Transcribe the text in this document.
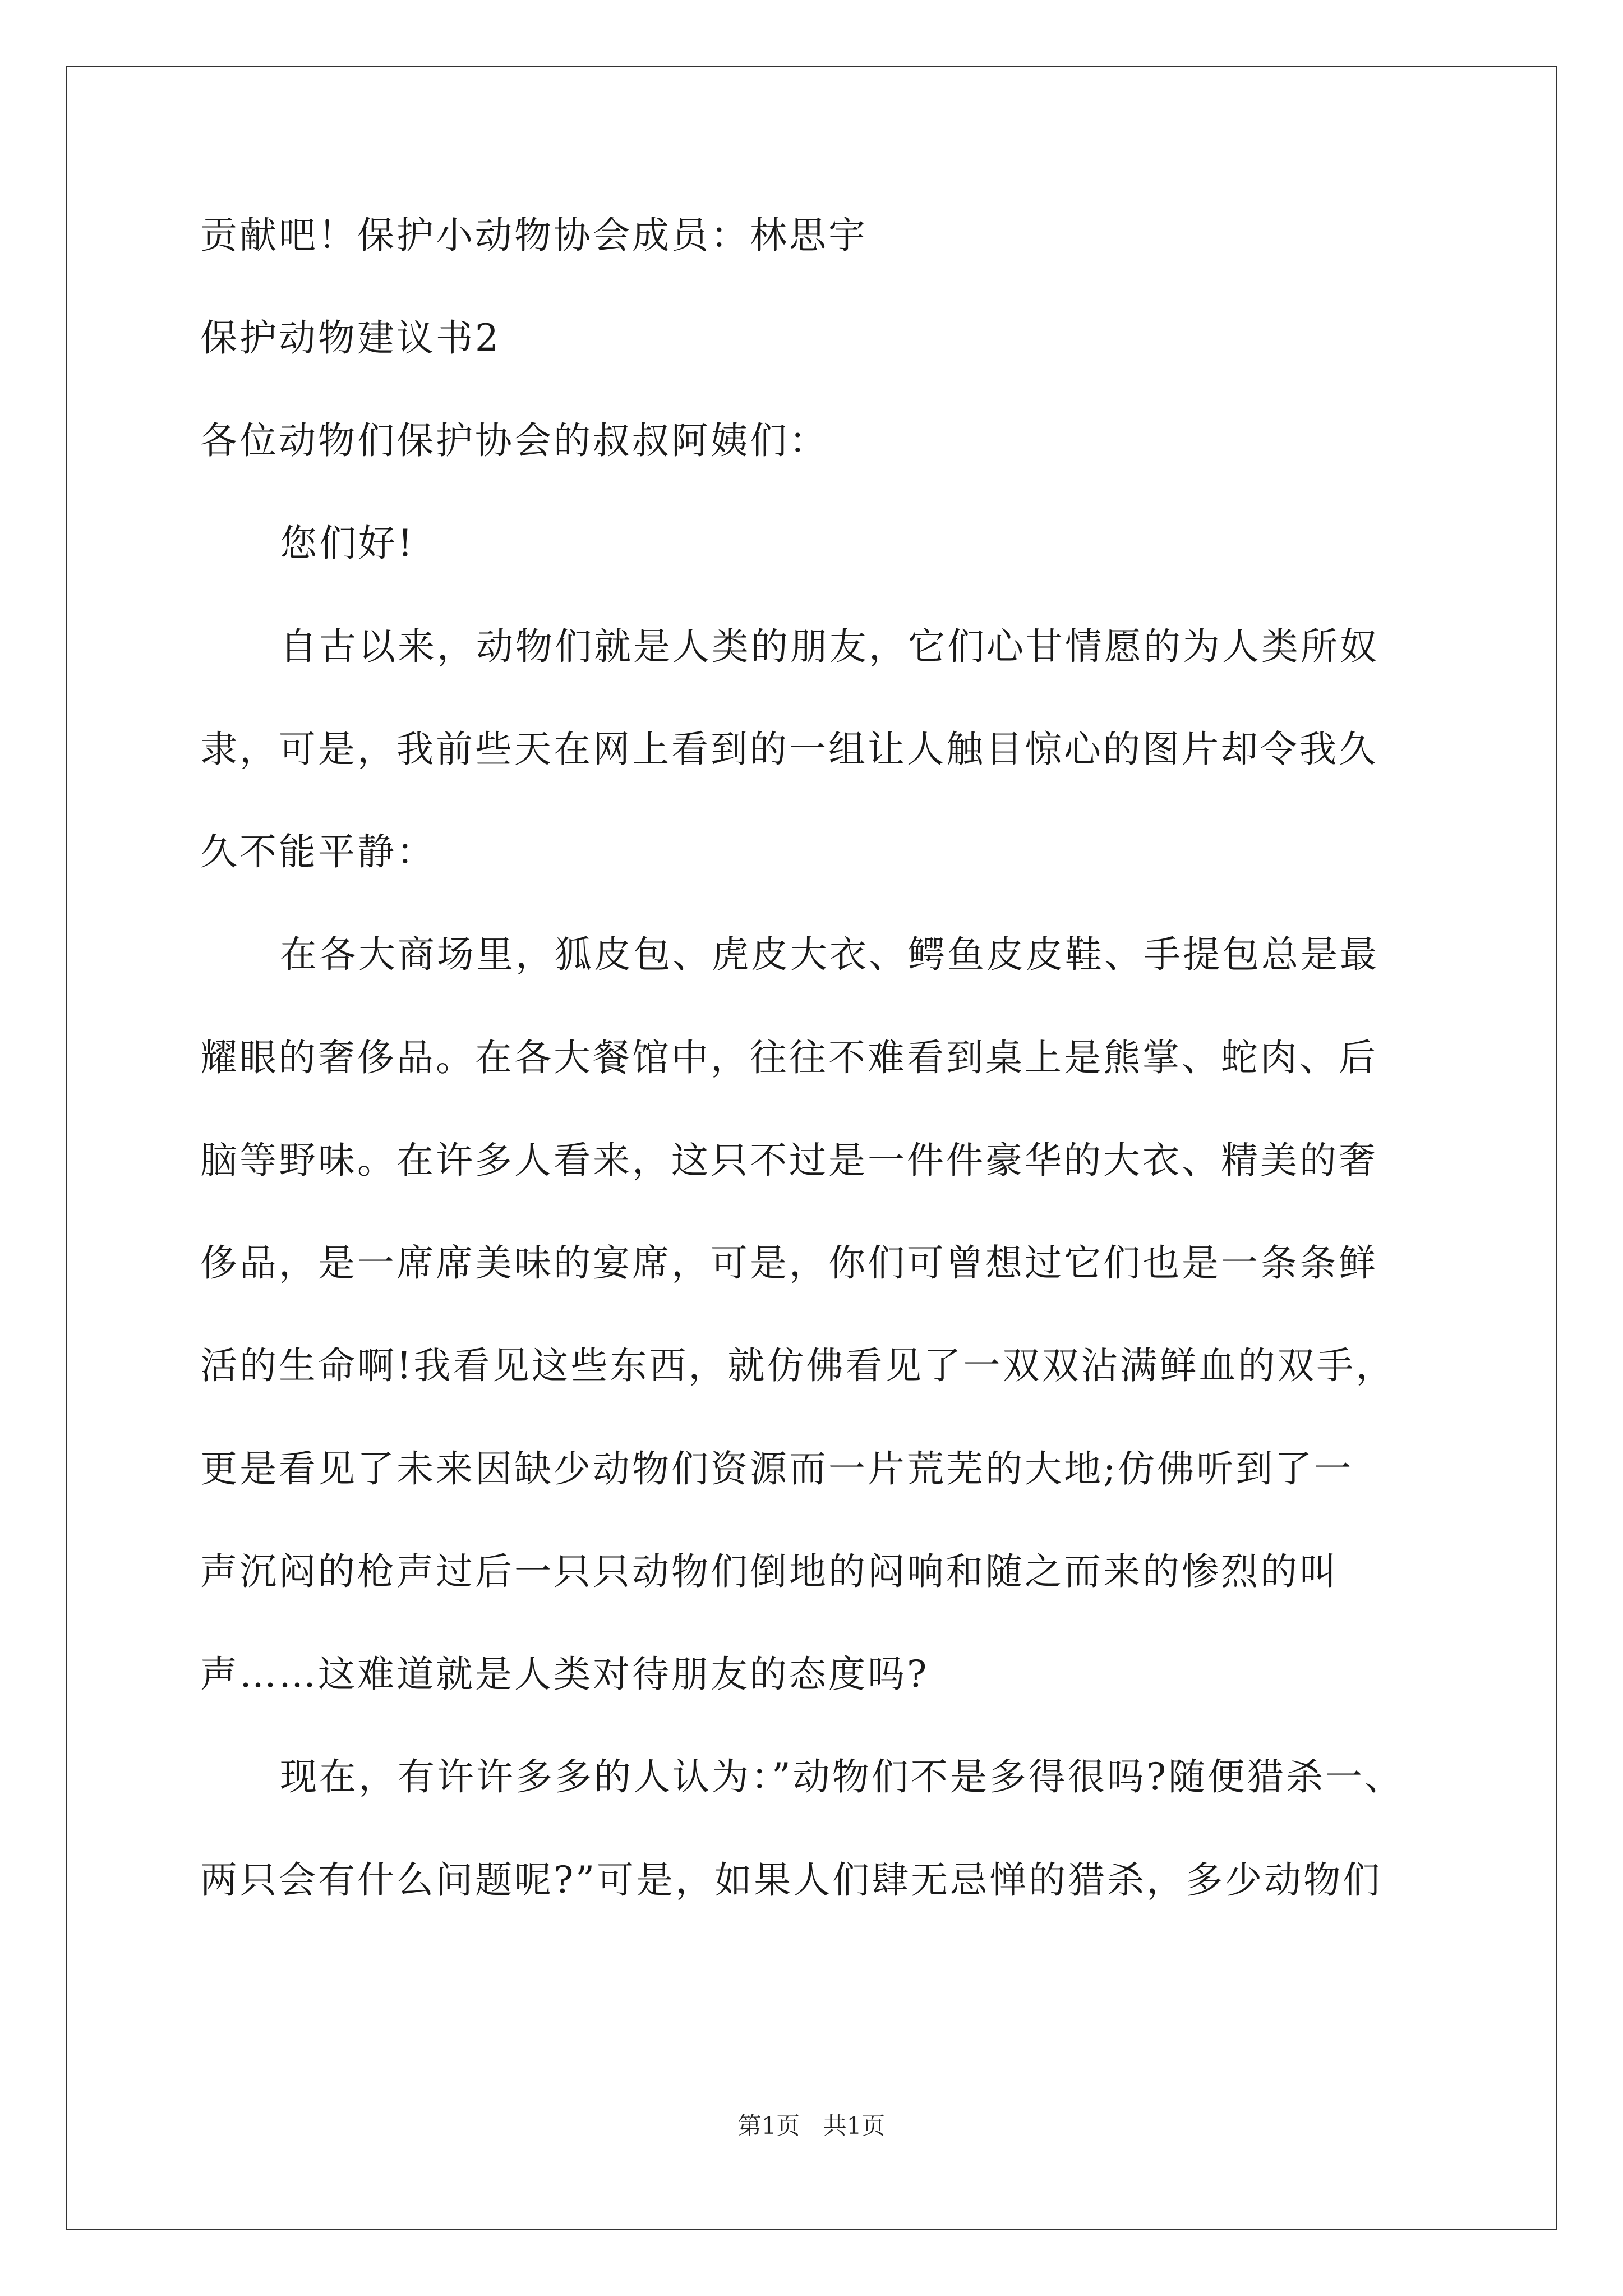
贡献吧！保护小动物协会成员：林思宇
保护动物建议书2
各位动物们保护协会的叔叔阿姨们：
您们好!
自古以来，动物们就是人类的朋友，它们心甘情愿的为人类所奴
隶，可是，我前些天在网上看到的一组让人触目惊心的图片却令我久
久不能平静：
在各大商场里，狐皮包、虎皮大衣、鳄鱼皮皮鞋、手提包总是最
耀眼的奢侈品。在各大餐馆中，往往不难看到桌上是熊掌、蛇肉、后
脑等野味。在许多人看来，这只不过是一件件豪华的大衣、精美的奢
侈品，是一席席美味的宴席，可是，你们可曾想过它们也是一条条鲜
活的生命啊!我看见这些东西，就仿佛看见了一双双沾满鲜血的双手，
更是看见了未来因缺少动物们资源而一片荒芜的大地;仿佛听到了一
声沉闷的枪声过后一只只动物们倒地的闷响和随之而来的惨烈的叫
声……这难道就是人类对待朋友的态度吗?
现在，有许许多多的人认为：”动物们不是多得很吗?随便猎杀一、
两只会有什么问题呢?”可是，如果人们肆无忌惮的猎杀，多少动物们
第1页 共1页
